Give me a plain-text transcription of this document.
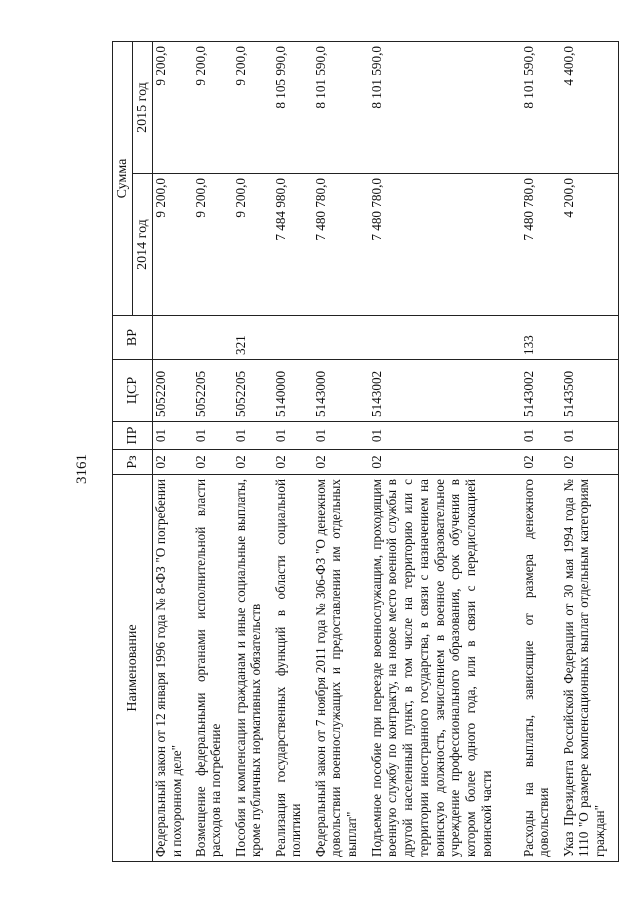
3161
Наименование	Рз	ПР	ЦСР	ВР	Сумма	
					2014 год	2015 год
Федеральный закон от 12 января 1996 года № 8-ФЗ "О погребении и похоронном деле"	02	01	5052200		9 200,0	9 200,0
Возмещение федеральными органами исполнительной власти расходов на погребение	02	01	5052205		9 200,0	9 200,0
Пособия и компенсации гражданам и иные социальные выплаты, кроме публичных нормативных обязательств	02	01	5052205	321	9 200,0	9 200,0
Реализация государственных функций в области социальной политики	02	01	5140000		7 484 980,0	8 105 990,0
Федеральный закон от 7 ноября 2011 года № 306-ФЗ "О денежном довольствии военнослужащих и предоставлении им отдельных выплат"	02	01	5143000		7 480 780,0	8 101 590,0
Подъемное пособие при переезде военнослужащим, проходящим военную службу по контракту, на новое место военной службы в другой населенный пункт, в том числе на территорию или с территории иностранного государства, в связи с назначением на воинскую должность, зачислением в военное образовательное учреждение профессионального образования, срок обучения в котором более одного года, или в связи с передислокацией воинской части	02	01	5143002		7 480 780,0	8 101 590,0
Расходы на выплаты, зависящие от размера денежного довольствия	02	01	5143002	133	7 480 780,0	8 101 590,0
Указ Президента Российской Федерации от 30 мая 1994 года № 1110 "О размере компенсационных выплат отдельным категориям граждан"	02	01	5143500		4 200,0	4 400,0
